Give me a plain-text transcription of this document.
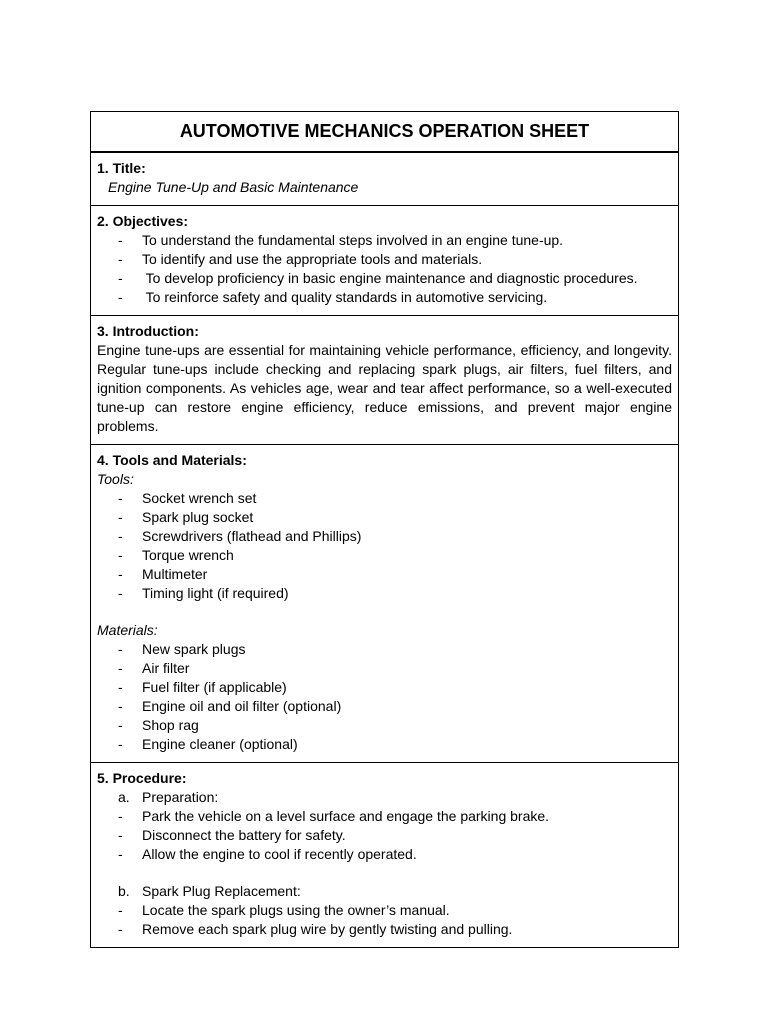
AUTOMOTIVE MECHANICS OPERATION SHEET
1. Title:
Engine Tune-Up and Basic Maintenance
2. Objectives:
- To understand the fundamental steps involved in an engine tune-up.
- To identify and use the appropriate tools and materials.
- To develop proficiency in basic engine maintenance and diagnostic procedures.
- To reinforce safety and quality standards in automotive servicing.
3. Introduction:
Engine tune-ups are essential for maintaining vehicle performance, efficiency, and longevity. Regular tune-ups include checking and replacing spark plugs, air filters, fuel filters, and ignition components. As vehicles age, wear and tear affect performance, so a well-executed tune-up can restore engine efficiency, reduce emissions, and prevent major engine problems.
4. Tools and Materials:
Tools:
- Socket wrench set
- Spark plug socket
- Screwdrivers (flathead and Phillips)
- Torque wrench
- Multimeter
- Timing light (if required)
Materials:
- New spark plugs
- Air filter
- Fuel filter (if applicable)
- Engine oil and oil filter (optional)
- Shop rag
- Engine cleaner (optional)
5. Procedure:
a. Preparation:
- Park the vehicle on a level surface and engage the parking brake.
- Disconnect the battery for safety.
- Allow the engine to cool if recently operated.
b. Spark Plug Replacement:
- Locate the spark plugs using the owner’s manual.
- Remove each spark plug wire by gently twisting and pulling.
